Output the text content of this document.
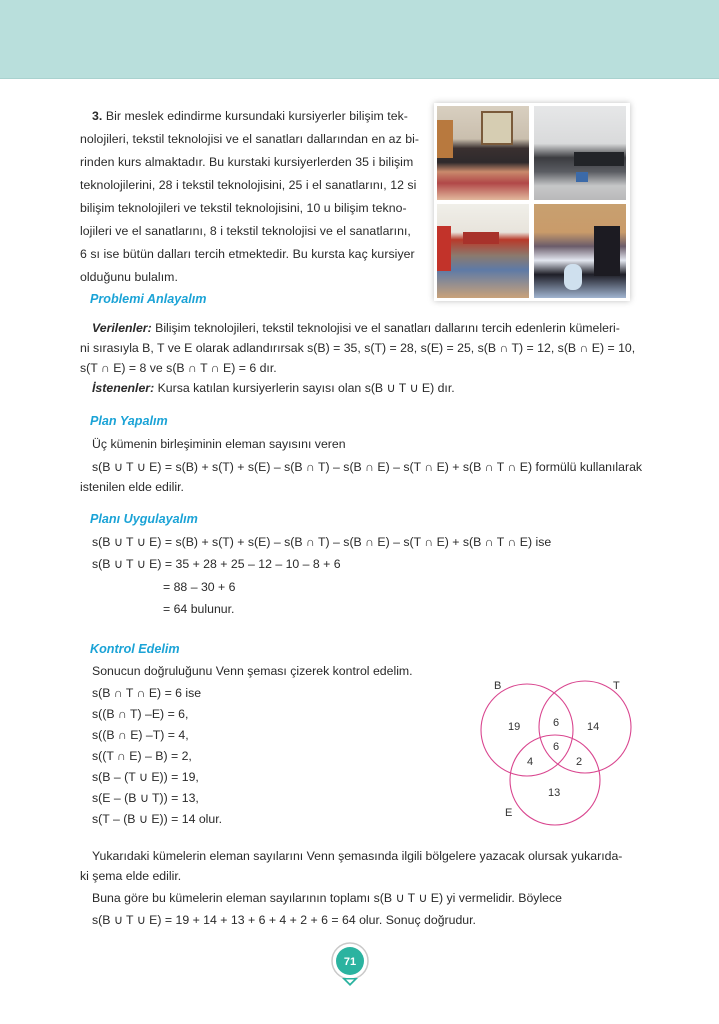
3. Bir meslek edindirme kursundaki kursiyerler bilişim tek-
nolojileri, tekstil teknolojisi ve el sanatları dallarından en az bi-
rinden kurs almaktadır. Bu kurstaki kursiyerlerden 35 i bilişim
teknolojilerini, 28 i tekstil teknolojisini, 25 i el sanatlarını, 12 si
bilişim teknolojileri ve tekstil teknolojisini, 10 u bilişim tekno-
lojileri ve el sanatlarını, 8 i tekstil teknolojisi ve el sanatlarını,
6 sı ise bütün dalları tercih etmektedir. Bu kursta kaç kursiyer
olduğunu bulalım.
Problemi Anlayalım
Verilenler: Bilişim teknolojileri, tekstil teknolojisi ve el sanatları dallarını tercih edenlerin kümeleri-
ni sırasıyla B, T ve E olarak adlandırırsak s(B) = 35, s(T) = 28, s(E) = 25, s(B ∩ T) = 12, s(B ∩ E) = 10,
s(T ∩ E) = 8 ve s(B ∩ T ∩ E) = 6 dır.
İstenenler: Kursa katılan kursiyerlerin sayısı olan s(B ∪ T ∪ E) dır.
Plan Yapalım
Üç kümenin birleşiminin eleman sayısını veren
s(B ∪ T ∪ E) = s(B) + s(T) + s(E) – s(B ∩ T) – s(B ∩ E) – s(T ∩ E) + s(B ∩ T ∩ E) formülü kullanılarak
istenilen elde edilir.
Planı Uygulayalım
s(B ∪ T ∪ E) = s(B) + s(T) + s(E) – s(B ∩ T) – s(B ∩ E) – s(T ∩ E) + s(B ∩ T ∩ E) ise
s(B ∪ T ∪ E) = 35 + 28 + 25 – 12 – 10 – 8 + 6
= 88 – 30 + 6
= 64 bulunur.
Kontrol Edelim
Sonucun doğruluğunu Venn şeması çizerek kontrol edelim.
s(B ∩ T ∩ E) = 6 ise
s((B ∩ T) –E) = 6,
s((B ∩ E) –T) = 4,
s((T ∩ E) – B) = 2,
s(B – (T ∪ E)) = 19,
s(E – (B ∪ T)) = 13,
s(T – (B ∪ E)) = 14 olur.
B	T
E
19	14
13
6
4	2
6
Yukarıdaki kümelerin eleman sayılarını Venn şemasında ilgili bölgelere yazacak olursak yukarıda-
ki şema elde edilir.
Buna göre bu kümelerin eleman sayılarının toplamı s(B ∪ T ∪ E) yi vermelidir. Böylece
s(B ∪ T ∪ E) = 19 + 14 + 13 + 6 + 4 + 2 + 6 = 64 olur. Sonuç doğrudur.
71
